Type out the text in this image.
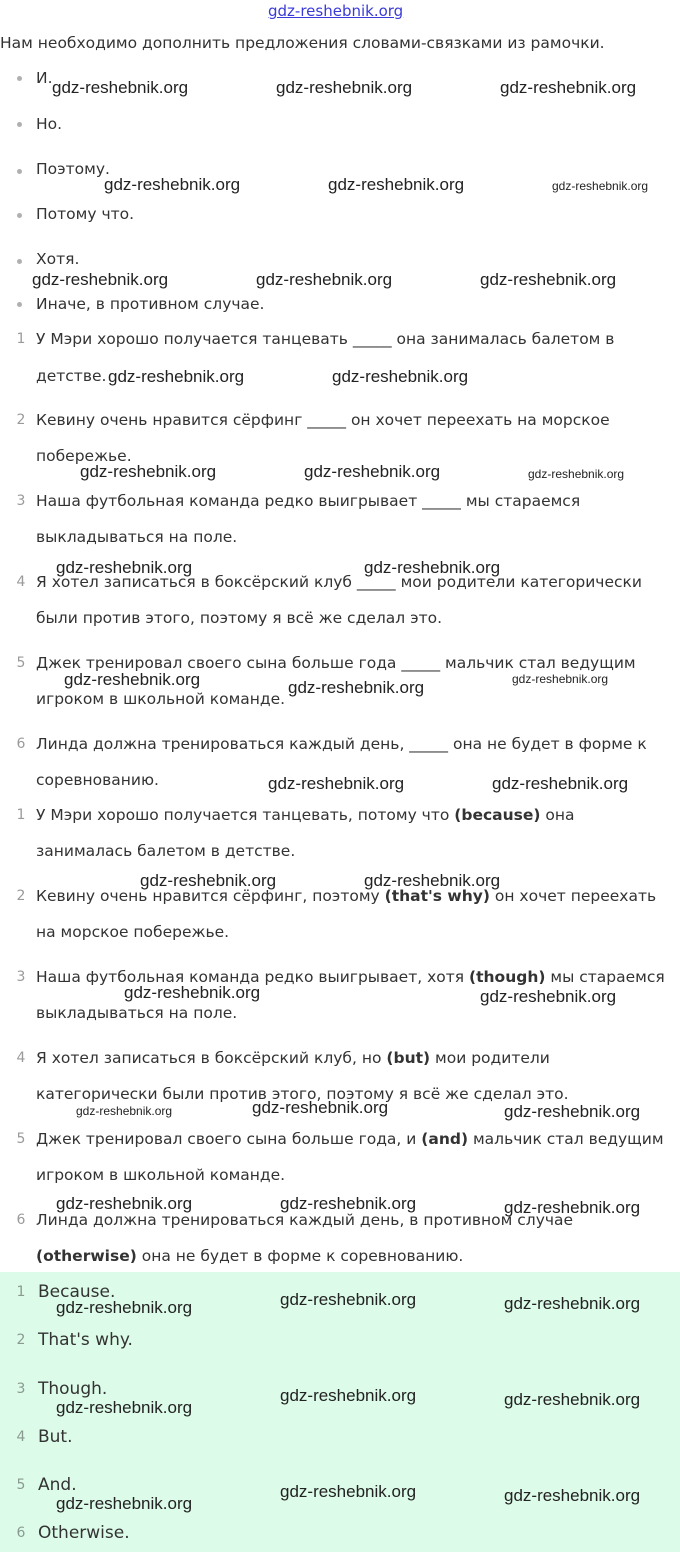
gdz-reshebnik.org
Нам необходимо дополнить предложения словами-связками из рамочки.
И.
Но.
Поэтому.
Потому что.
Хотя.
Иначе, в противном случае.
1 У Мэри хорошо получается танцевать _____ она занималась балетом в
детстве.
2 Кевину очень нравится сёрфинг _____ он хочет переехать на морское
побережье.
3 Наша футбольная команда редко выигрывает _____ мы стараемся
выкладываться на поле.
4 Я хотел записаться в боксёрский клуб _____ мои родители категорически
были против этого, поэтому я всё же сделал это.
5 Джек тренировал своего сына больше года _____ мальчик стал ведущим
игроком в школьной команде.
6 Линда должна тренироваться каждый день, _____ она не будет в форме к
соревнованию.
1 У Мэри хорошо получается танцевать, потому что (because) она
занималась балетом в детстве.
2 Кевину очень нравится сёрфинг, поэтому (that's why) он хочет переехать
на морское побережье.
3 Наша футбольная команда редко выигрывает, хотя (though) мы стараемся
выкладываться на поле.
4 Я хотел записаться в боксёрский клуб, но (but) мои родители
категорически были против этого, поэтому я всё же сделал это.
5 Джек тренировал своего сына больше года, и (and) мальчик стал ведущим
игроком в школьной команде.
6 Линда должна тренироваться каждый день, в противном случае
(otherwise) она не будет в форме к соревнованию.
1 Because.
2 That's why.
3 Though.
4 But.
5 And.
6 Otherwise.
gdz-reshebnik.org	gdz-reshebnik.org	gdz-reshebnik.org
gdz-reshebnik.org	gdz-reshebnik.org	gdz-reshebnik.org
gdz-reshebnik.org	gdz-reshebnik.org	gdz-reshebnik.org
gdz-reshebnik.org	gdz-reshebnik.org
gdz-reshebnik.org	gdz-reshebnik.org	gdz-reshebnik.org
gdz-reshebnik.org	gdz-reshebnik.org
gdz-reshebnik.org	gdz-reshebnik.org	gdz-reshebnik.org
gdz-reshebnik.org	gdz-reshebnik.org
gdz-reshebnik.org	gdz-reshebnik.org
gdz-reshebnik.org	gdz-reshebnik.org
gdz-reshebnik.org	gdz-reshebnik.org	gdz-reshebnik.org
gdz-reshebnik.org	gdz-reshebnik.org	gdz-reshebnik.org
gdz-reshebnik.org	gdz-reshebnik.org	gdz-reshebnik.org
gdz-reshebnik.org
gdz-reshebnik.org	gdz-reshebnik.org
gdz-reshebnik.org
gdz-reshebnik.org	gdz-reshebnik.org
